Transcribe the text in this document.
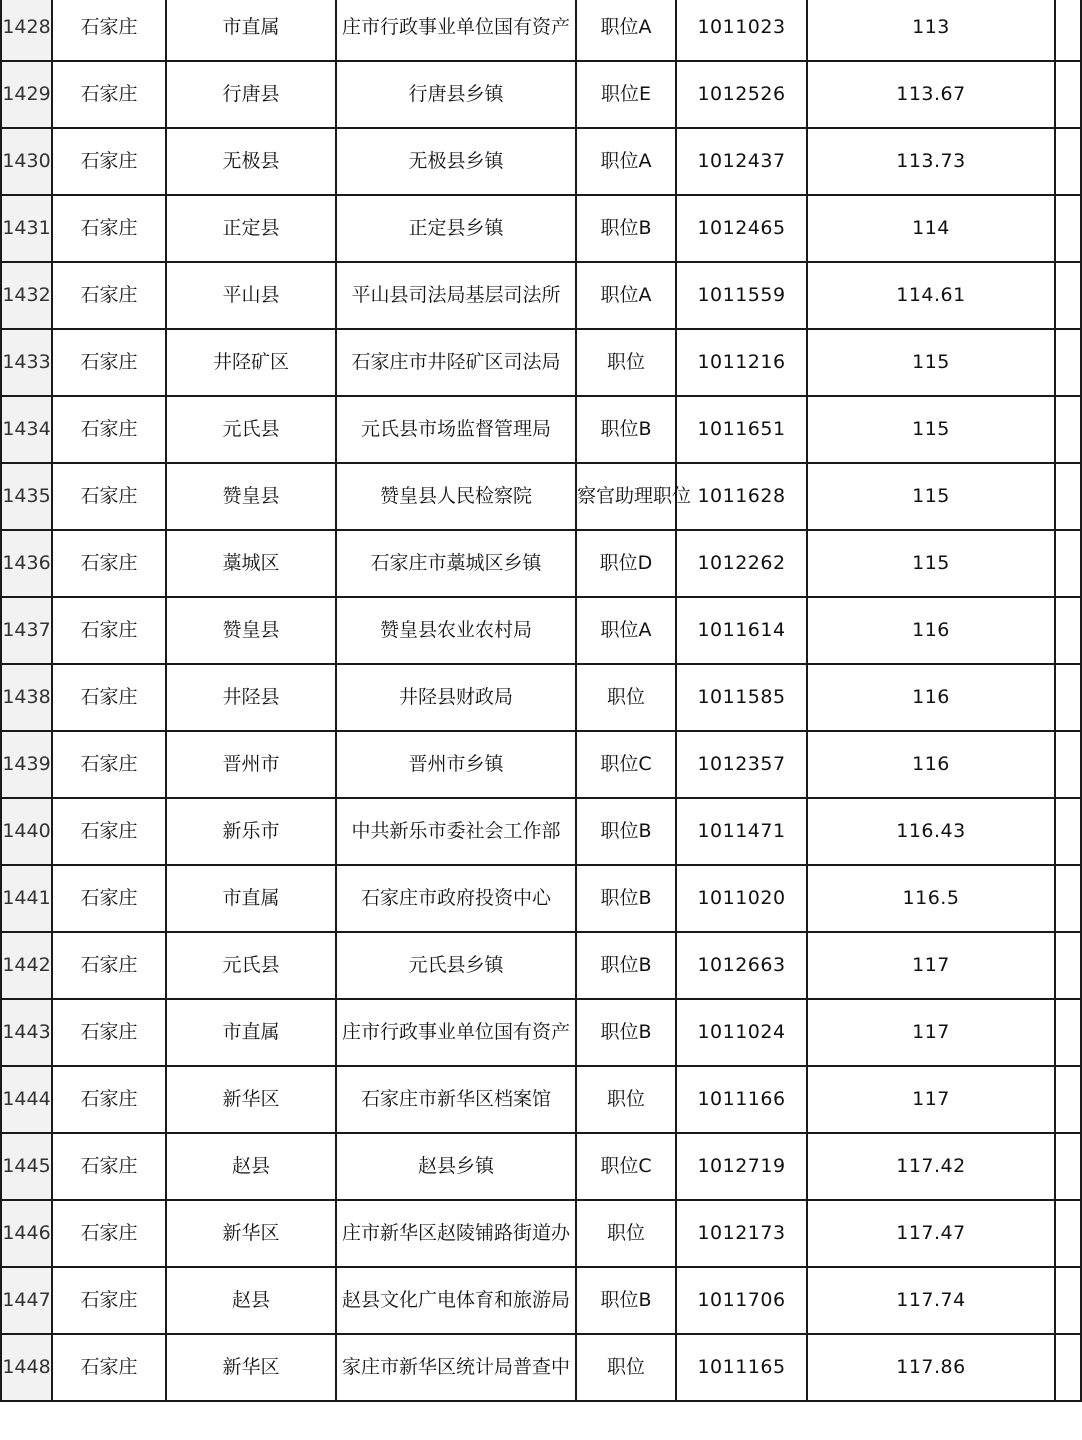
1428	石家庄	市直属	庄市行政事业单位国有资产	职位A	1011023	113	

1429	石家庄	行唐县	行唐县乡镇	职位E	1012526	113.67	

1430	石家庄	无极县	无极县乡镇	职位A	1012437	113.73	

1431	石家庄	正定县	正定县乡镇	职位B	1012465	114	

1432	石家庄	平山县	平山县司法局基层司法所	职位A	1011559	114.61	

1433	石家庄	井陉矿区	石家庄市井陉矿区司法局	职位	1011216	115	

1434	石家庄	元氏县	元氏县市场监督管理局	职位B	1011651	115	

1435	石家庄	赞皇县	赞皇县人民检察院	察官助理职位	1011628	115	

1436	石家庄	藁城区	石家庄市藁城区乡镇	职位D	1012262	115	

1437	石家庄	赞皇县	赞皇县农业农村局	职位A	1011614	116	

1438	石家庄	井陉县	井陉县财政局	职位	1011585	116	

1439	石家庄	晋州市	晋州市乡镇	职位C	1012357	116	

1440	石家庄	新乐市	中共新乐市委社会工作部	职位B	1011471	116.43	

1441	石家庄	市直属	石家庄市政府投资中心	职位B	1011020	116.5	

1442	石家庄	元氏县	元氏县乡镇	职位B	1012663	117	

1443	石家庄	市直属	庄市行政事业单位国有资产	职位B	1011024	117	

1444	石家庄	新华区	石家庄市新华区档案馆	职位	1011166	117	

1445	石家庄	赵县	赵县乡镇	职位C	1012719	117.42	

1446	石家庄	新华区	庄市新华区赵陵铺路街道办	职位	1012173	117.47	

1447	石家庄	赵县	赵县文化广电体育和旅游局	职位B	1011706	117.74	

1448	石家庄	新华区	家庄市新华区统计局普查中	职位	1011165	117.86	
